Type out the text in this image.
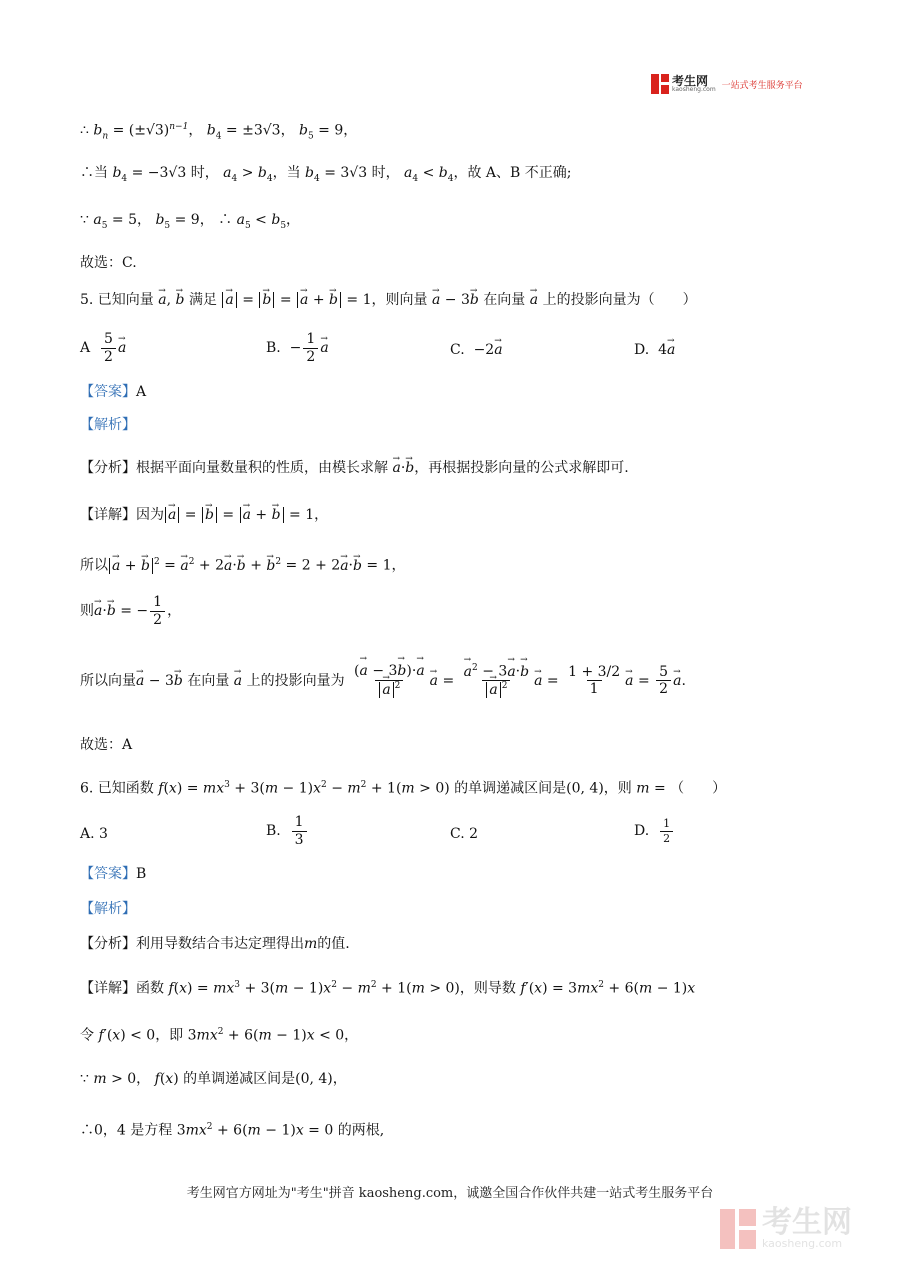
考生网
kaosheng.com 一站式考生服务平台
∴ $b_n = (\pm√3)^{n-1}$， $b_4 = \pm 3√3$， $b_5 = 9$，
∴当 $b_4 = -3√3$ 时， $a_4 > b_4$，当 $b_4 = 3√3$ 时， $a_4 < b_4$，故 A、B 不正确;
∵ $a_5 = 5$， $b_5 = 9$， ∴ $a_5 < b_5$，
故选：C.
5. 已知向量 → a, → b 满足 → a = → b = → a + → b = 1，则向量 → a − 3→ b 在向量 → a 上的投影向量为（　　）
A $\frac{5}{2}$
→ a	B.  − $\frac{1}{2}$
→ a	C.  −2→ a	D.  4→ a
【答案】A
【解析】
【分析】根据平面向量数量积的性质，由模长求解 → a·→ b，再根据投影向量的公式求解即可.
【详解】因为→ a = → b = → a + → b = 1，
所以→ a + → b $^2$ = → $a^2 + 2\to a\cdot\to b$ + → $b^2 = 2 + 2\to a\cdot\to b = 1$，
则→ a·→ b = − $\frac{1}{2}$ ，
所以向量→ a − 3→ b 在向量 → a 上的投影向量为 (→ a − 3→ b)·→ a
→ a $^2$
→ a =
→ $a^2 - 3\to a\cdot\to b$
→ a $^2$
→ $a = \frac{1 + 3/2}{1}$
→ $a = \frac{5}{2}$
→ a.
故选：A
6. 已知函数 $f(x) = mx^3 + 3(m - 1)x^2 - m^2 + 1(m > 0)$ 的单调递减区间是(0, 4)，则 m = （　　）
A. 3	B. $\frac{1}{3}$	C. 2	D. $\frac{1}{2}$
【答案】B
【解析】
【分析】利用导数结合韦达定理得出m的值.
【详解】函数 $f(x) = mx^3 + 3(m - 1)x^2 - m^2 + 1(m > 0)$，则导数 $f'(x) = 3mx^2 + 6(m - 1)x$
令 f′(x) < 0，即 $3mx^2 + 6(m - 1)x < 0$，
∵ m > 0， f(x) 的单调递减区间是(0, 4)，
∴0，4 是方程 $3mx^2 + 6(m - 1)x = 0$ 的两根,
考生网官方网址为"考生"拼音 kaosheng.com，诚邀全国合作伙伴共建一站式考生服务平台
考生网
kaosheng.com
